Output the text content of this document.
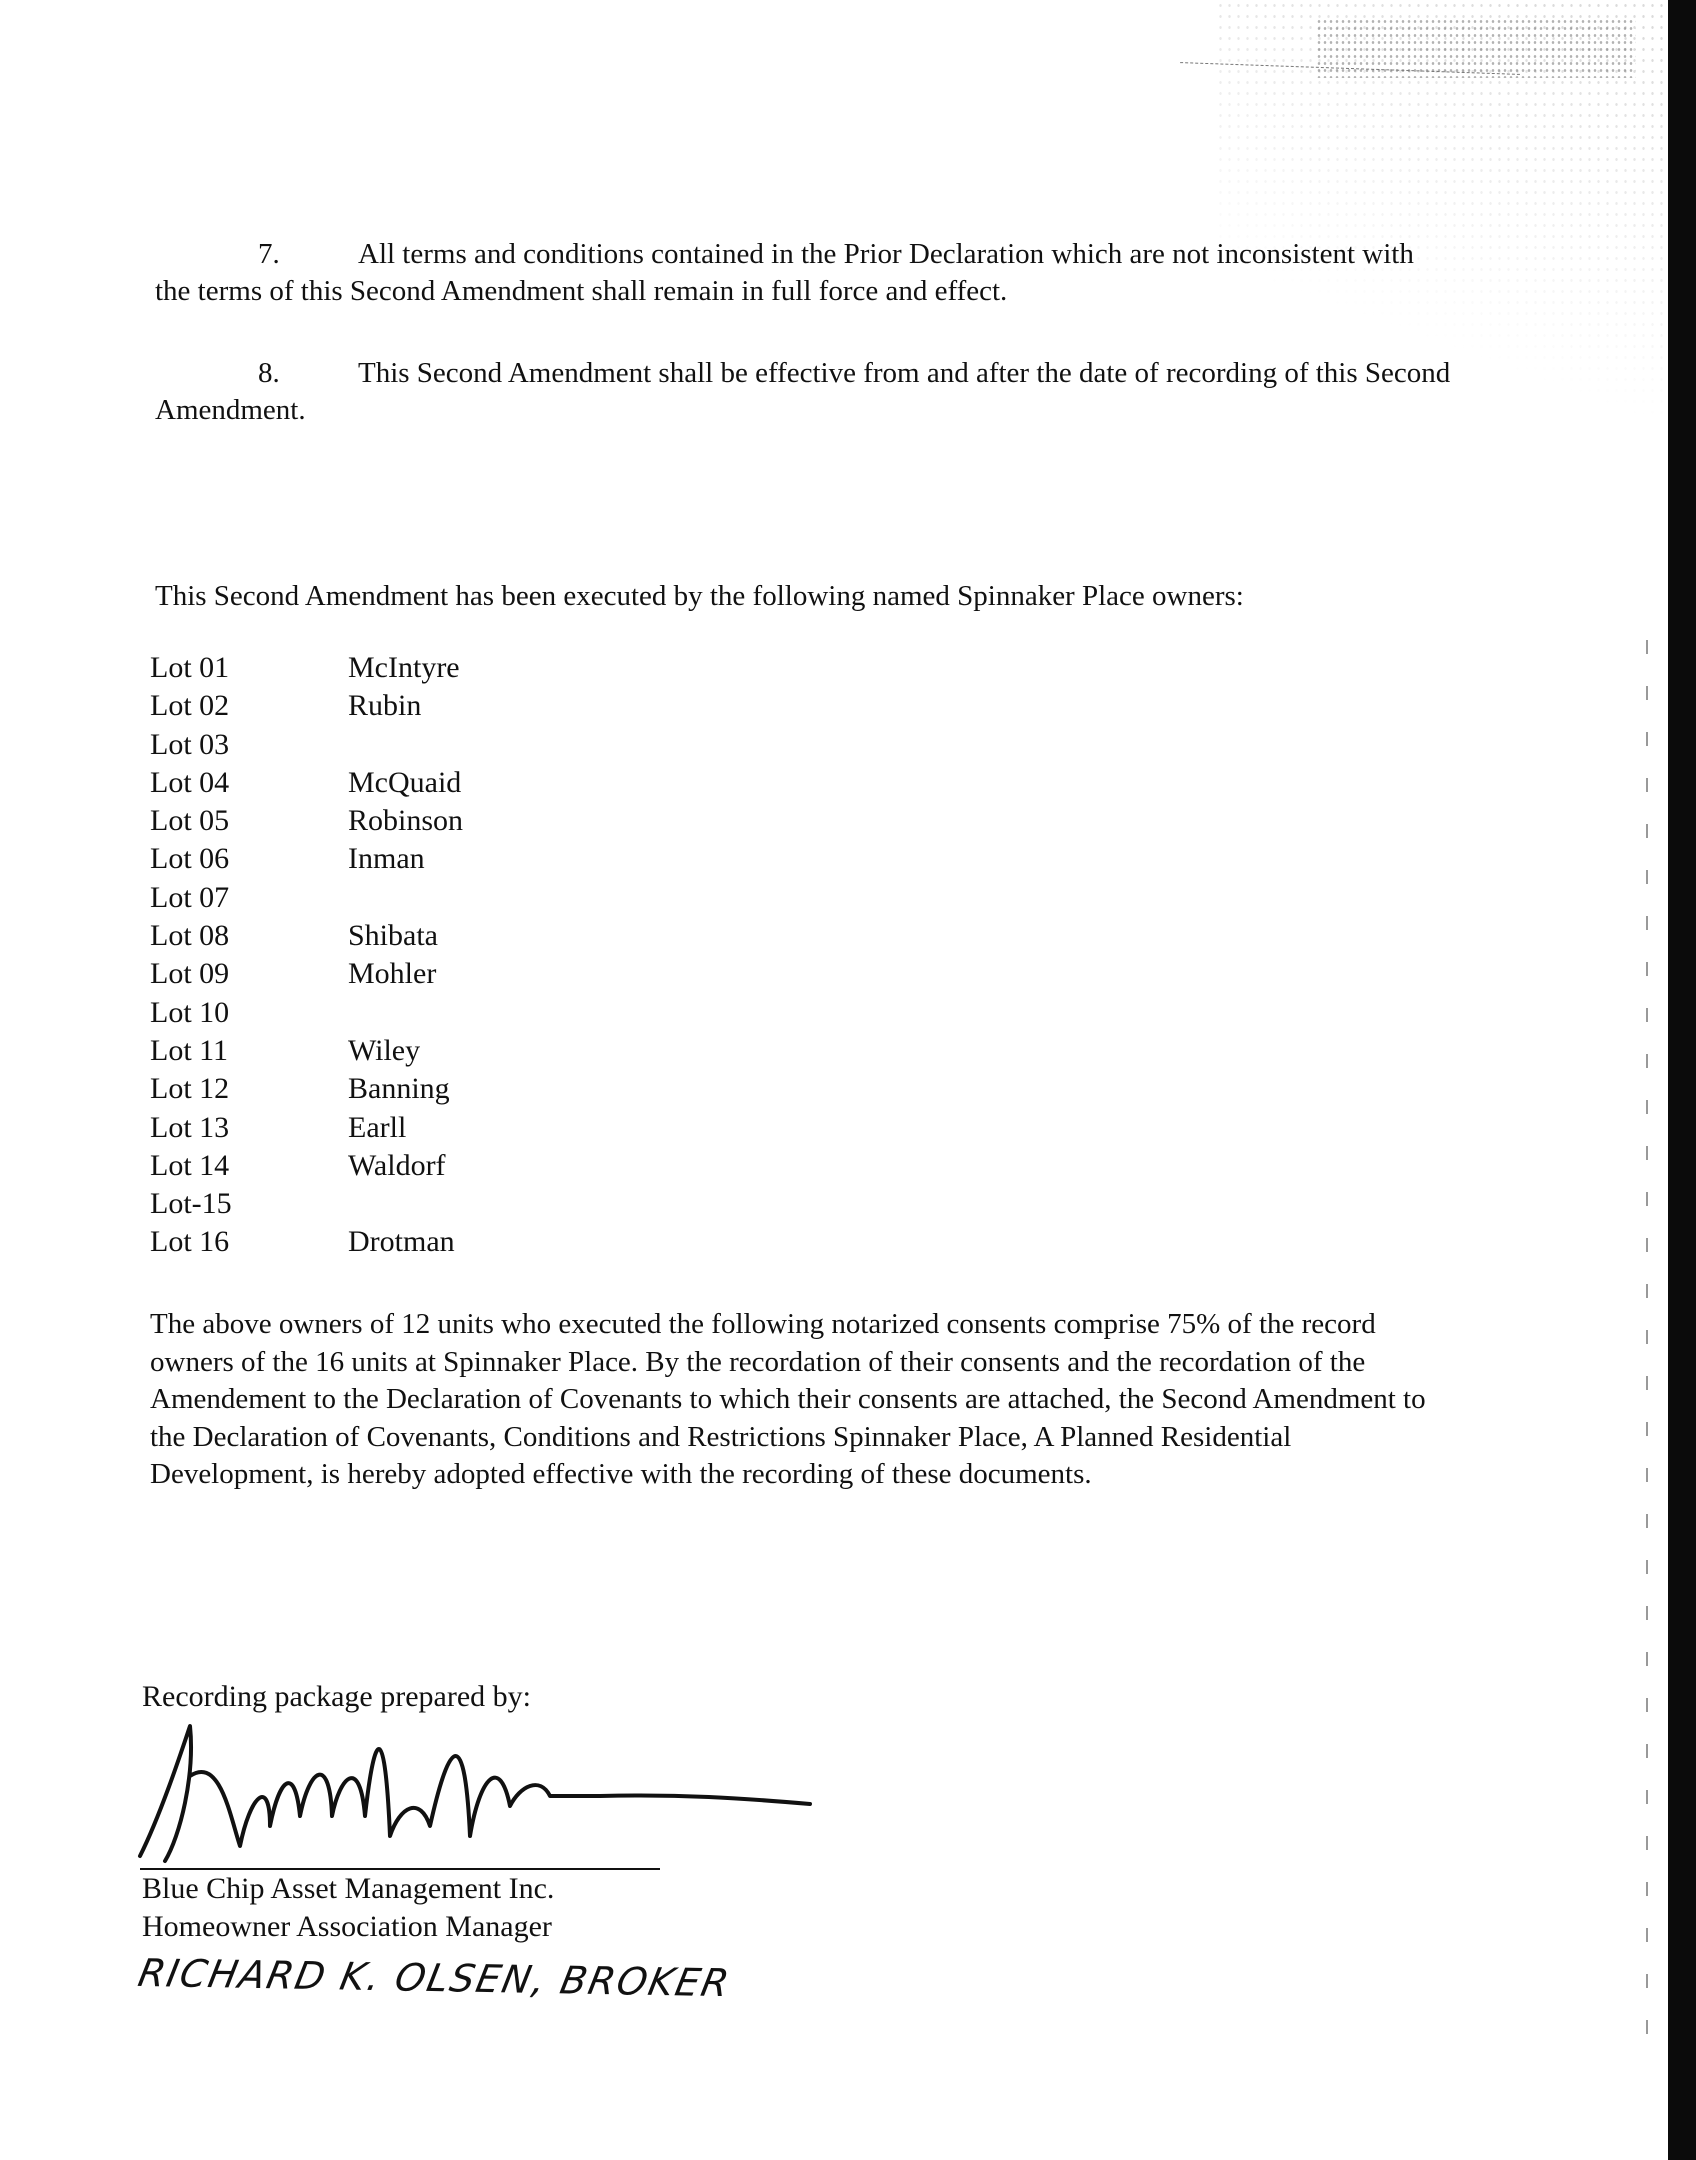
7.	All terms and conditions contained in the Prior Declaration which are not inconsistent with the terms of this Second Amendment shall remain in full force and effect.

8.	This Second Amendment shall be effective from and after the date of recording of this Second Amendment.

This Second Amendment has been executed by the following named Spinnaker Place owners:

Lot 01	McIntyre
Lot 02	Rubin
Lot 03
Lot 04	McQuaid
Lot 05	Robinson
Lot 06	Inman
Lot 07
Lot 08	Shibata
Lot 09	Mohler
Lot 10
Lot 11	Wiley
Lot 12	Banning
Lot 13	Earll
Lot 14	Waldorf
Lot-15
Lot 16	Drotman

The above owners of 12 units who executed the following notarized consents comprise 75% of the record owners of the 16 units at Spinnaker Place. By the recordation of their consents and the recordation of the Amendement to the Declaration of Covenants to which their consents are attached, the Second Amendment to the Declaration of Covenants, Conditions and Restrictions Spinnaker Place, A Planned Residential Development, is hereby adopted effective with the recording of these documents.

Recording package prepared by:

Blue Chip Asset Management Inc.

Homeowner Association Manager

RICHARD K. OLSEN, BROKER
